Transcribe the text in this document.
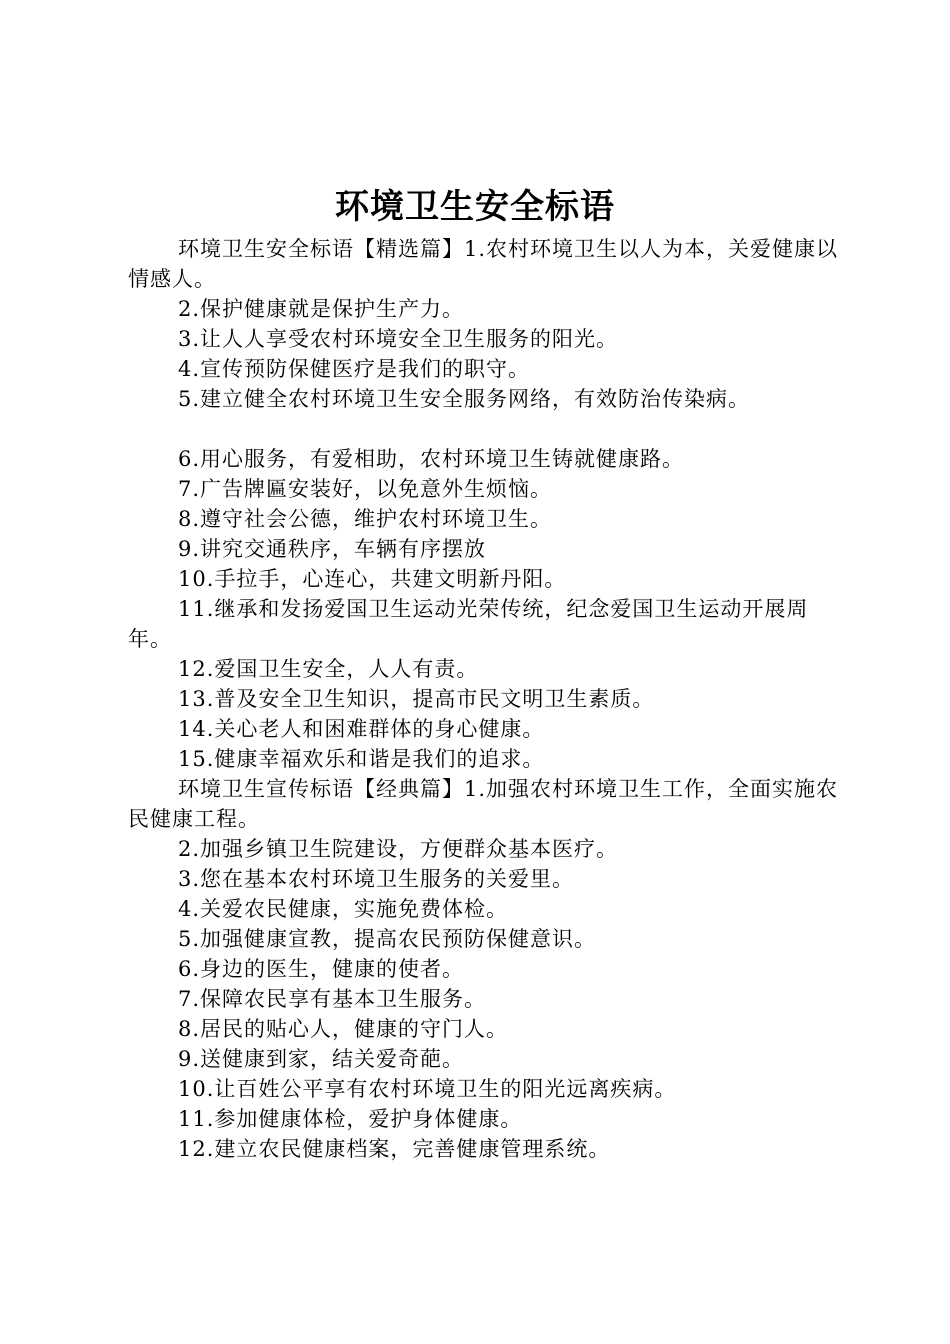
环境卫生安全标语

环境卫生安全标语【精选篇】1.农村环境卫生以人为本，关爱健康以情感人。

2.保护健康就是保护生产力。

3.让人人享受农村环境安全卫生服务的阳光。

4.宣传预防保健医疗是我们的职守。

5.建立健全农村环境卫生安全服务网络，有效防治传染病。

6.用心服务，有爱相助，农村环境卫生铸就健康路。

7.广告牌匾安装好，以免意外生烦恼。

8.遵守社会公德，维护农村环境卫生。

9.讲究交通秩序，车辆有序摆放

10.手拉手，心连心，共建文明新丹阳。

11.继承和发扬爱国卫生运动光荣传统，纪念爱国卫生运动开展周年。

12.爱国卫生安全，人人有责。

13.普及安全卫生知识，提高市民文明卫生素质。

14.关心老人和困难群体的身心健康。

15.健康幸福欢乐和谐是我们的追求。

环境卫生宣传标语【经典篇】1.加强农村环境卫生工作，全面实施农民健康工程。

2.加强乡镇卫生院建设，方便群众基本医疗。

3.您在基本农村环境卫生服务的关爱里。

4.关爱农民健康，实施免费体检。

5.加强健康宣教，提高农民预防保健意识。

6.身边的医生，健康的使者。

7.保障农民享有基本卫生服务。

8.居民的贴心人，健康的守门人。

9.送健康到家，结关爱奇葩。

10.让百姓公平享有农村环境卫生的阳光远离疾病。

11.参加健康体检，爱护身体健康。

12.建立农民健康档案，完善健康管理系统。
